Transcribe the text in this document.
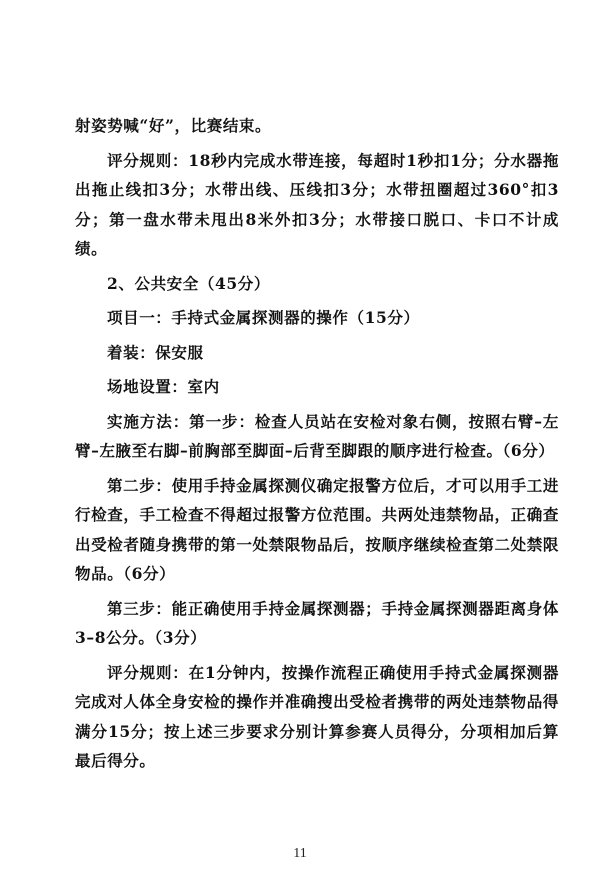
射姿势喊“好”，比赛结束。

评分规则：18秒内完成水带连接，每超时1秒扣1分；分水器拖出拖止线扣3分；水带出线、压线扣3分；水带扭圈超过360°扣3分；第一盘水带未甩出8米外扣3分；水带接口脱口、卡口不计成绩。

2、公共安全（45分）

项目一：手持式金属探测器的操作（15分）

着装：保安服

场地设置：室内

实施方法：第一步：检查人员站在安检对象右侧，按照右臂–左臂–左腋至右脚–前胸部至脚面–后背至脚跟的顺序进行检查。（6分）

第二步：使用手持金属探测仪确定报警方位后，才可以用手工进行检查，手工检查不得超过报警方位范围。共两处违禁物品，正确查出受检者随身携带的第一处禁限物品后，按顺序继续检查第二处禁限物品。（6分）

第三步：能正确使用手持金属探测器；手持金属探测器距离身体3–8公分。（3分）

评分规则：在1分钟内，按操作流程正确使用手持式金属探测器完成对人体全身安检的操作并准确搜出受检者携带的两处违禁物品得满分15分；按上述三步要求分别计算参赛人员得分，分项相加后算最后得分。

11
